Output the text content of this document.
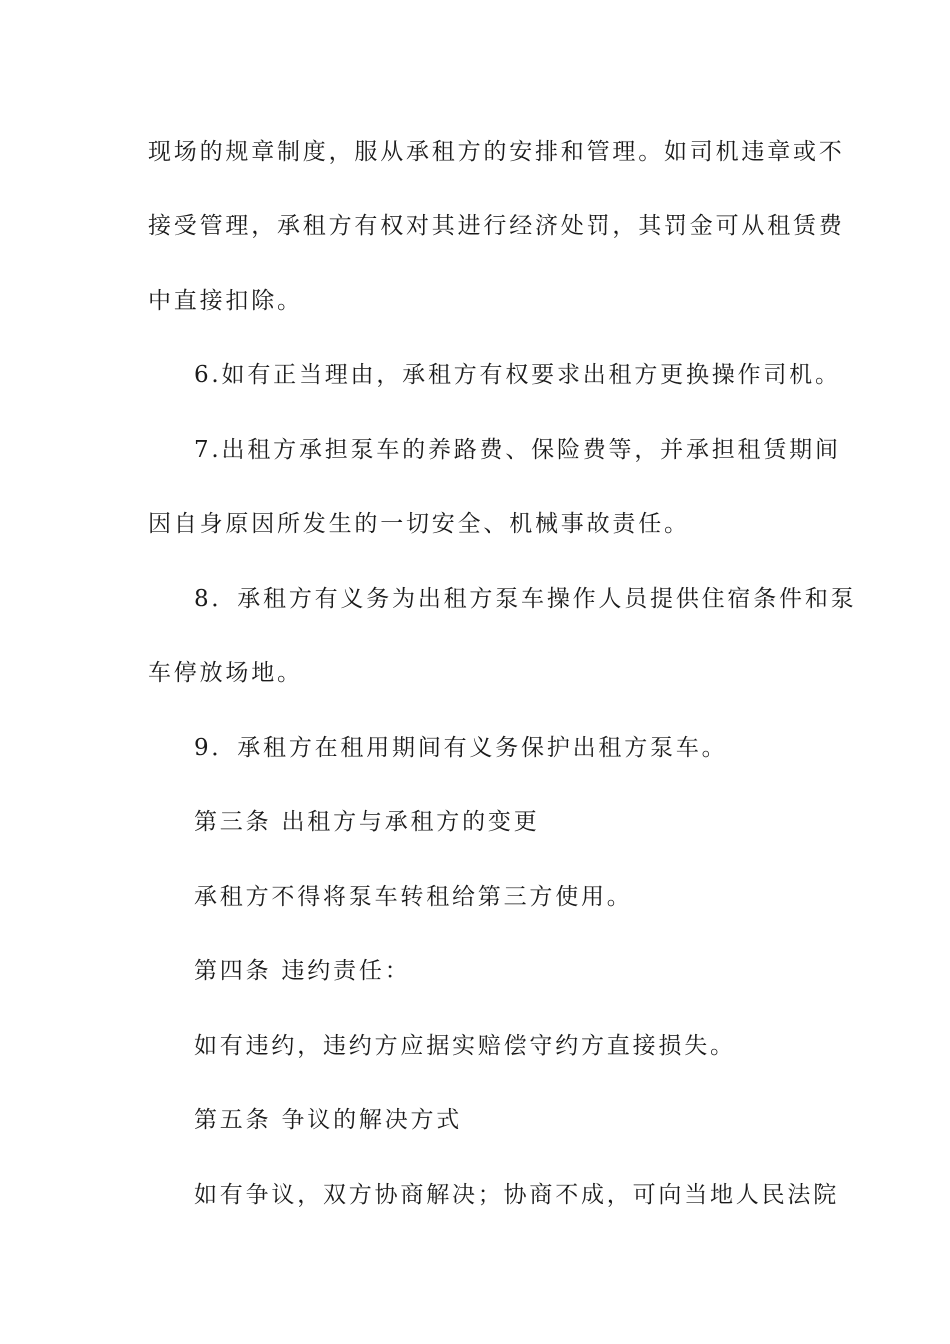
现场的规章制度，服从承租方的安排和管理。如司机违章或不
接受管理，承租方有权对其进行经济处罚，其罚金可从租赁费
中直接扣除。
6.如有正当理由，承租方有权要求出租方更换操作司机。
7.出租方承担泵车的养路费、保险费等，并承担租赁期间
因自身原因所发生的一切安全、机械事故责任。
8．承租方有义务为出租方泵车操作人员提供住宿条件和泵
车停放场地。
9．承租方在租用期间有义务保护出租方泵车。
第三条 出租方与承租方的变更
承租方不得将泵车转租给第三方使用。
第四条 违约责任：
如有违约，违约方应据实赔偿守约方直接损失。
第五条 争议的解决方式
如有争议，双方协商解决；协商不成，可向当地人民法院
